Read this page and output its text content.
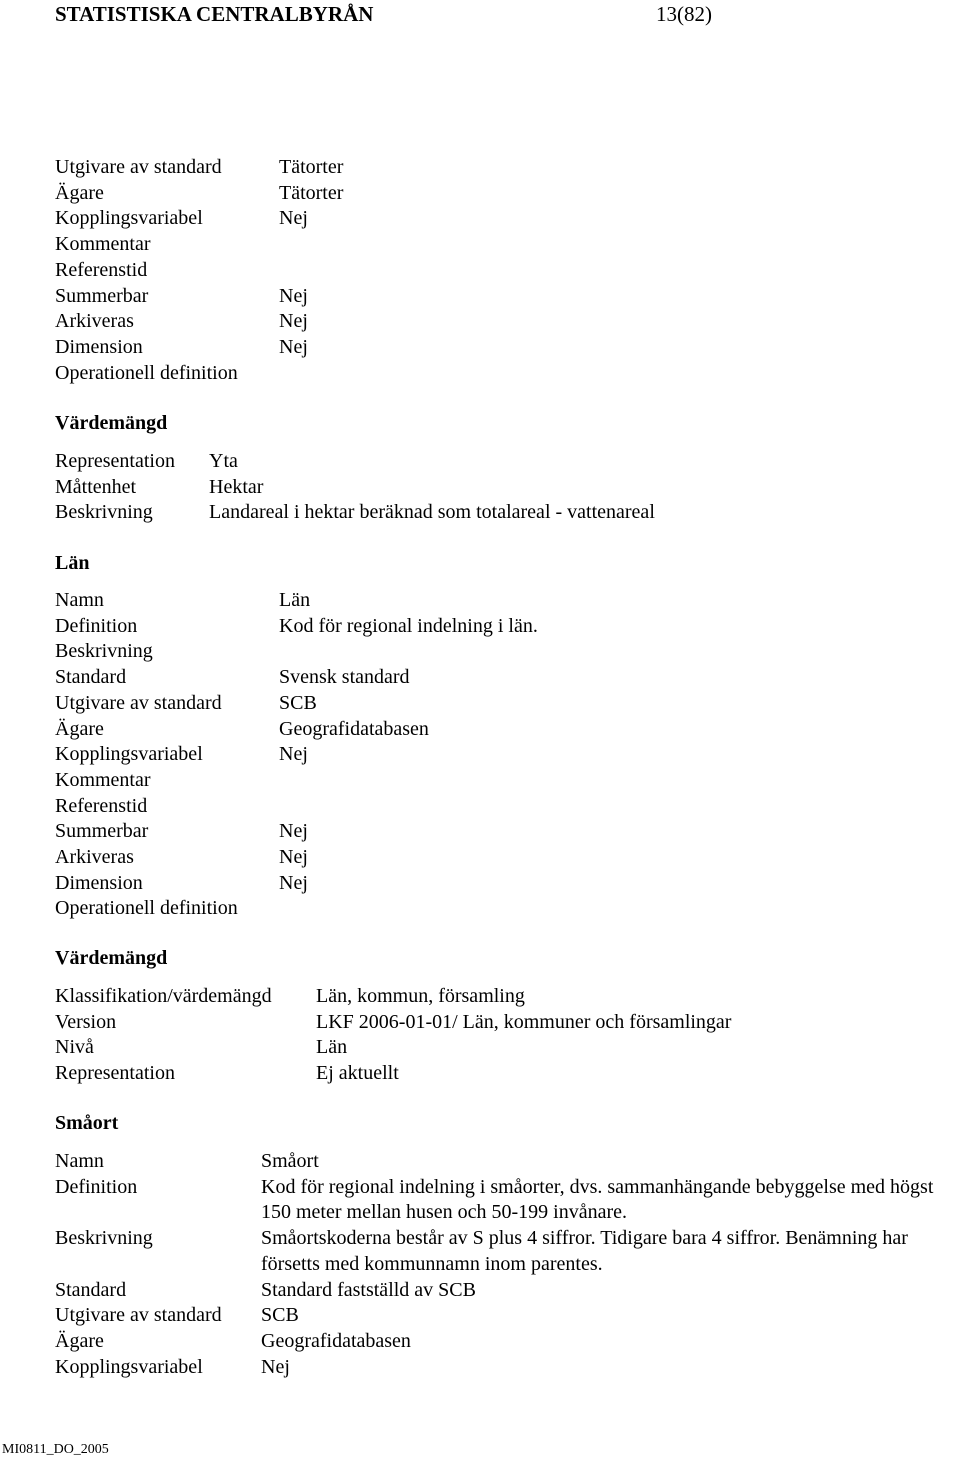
STATISTISKA CENTRALBYRÅN	13(82)
Utgivare av standard	Tätorter
Ägare	Tätorter
Kopplingsvariabel	Nej
Kommentar
Referenstid
Summerbar	Nej
Arkiveras	Nej
Dimension	Nej
Operationell definition
Värdemängd
Representation	Yta
Måttenhet	Hektar
Beskrivning	Landareal i hektar beräknad som totalareal - vattenareal
Län
Namn	Län
Definition	Kod för regional indelning i län.
Beskrivning
Standard	Svensk standard
Utgivare av standard	SCB
Ägare	Geografidatabasen
Kopplingsvariabel	Nej
Kommentar
Referenstid
Summerbar	Nej
Arkiveras	Nej
Dimension	Nej
Operationell definition
Värdemängd
Klassifikation/värdemängd	Län, kommun, församling
Version	LKF 2006-01-01/ Län, kommuner och församlingar
Nivå	Län
Representation	Ej aktuellt
Småort
Namn	Småort
Definition	Kod för regional indelning i småorter, dvs. sammanhängande bebyggelse med högst 150 meter mellan husen och 50-199 invånare.
Beskrivning	Småortskoderna består av S plus 4 siffror. Tidigare bara 4 siffror. Benämning har försetts med kommunnamn inom parentes.
Standard	Standard fastställd av SCB
Utgivare av standard	SCB
Ägare	Geografidatabasen
Kopplingsvariabel	Nej
MI0811_DO_2005
